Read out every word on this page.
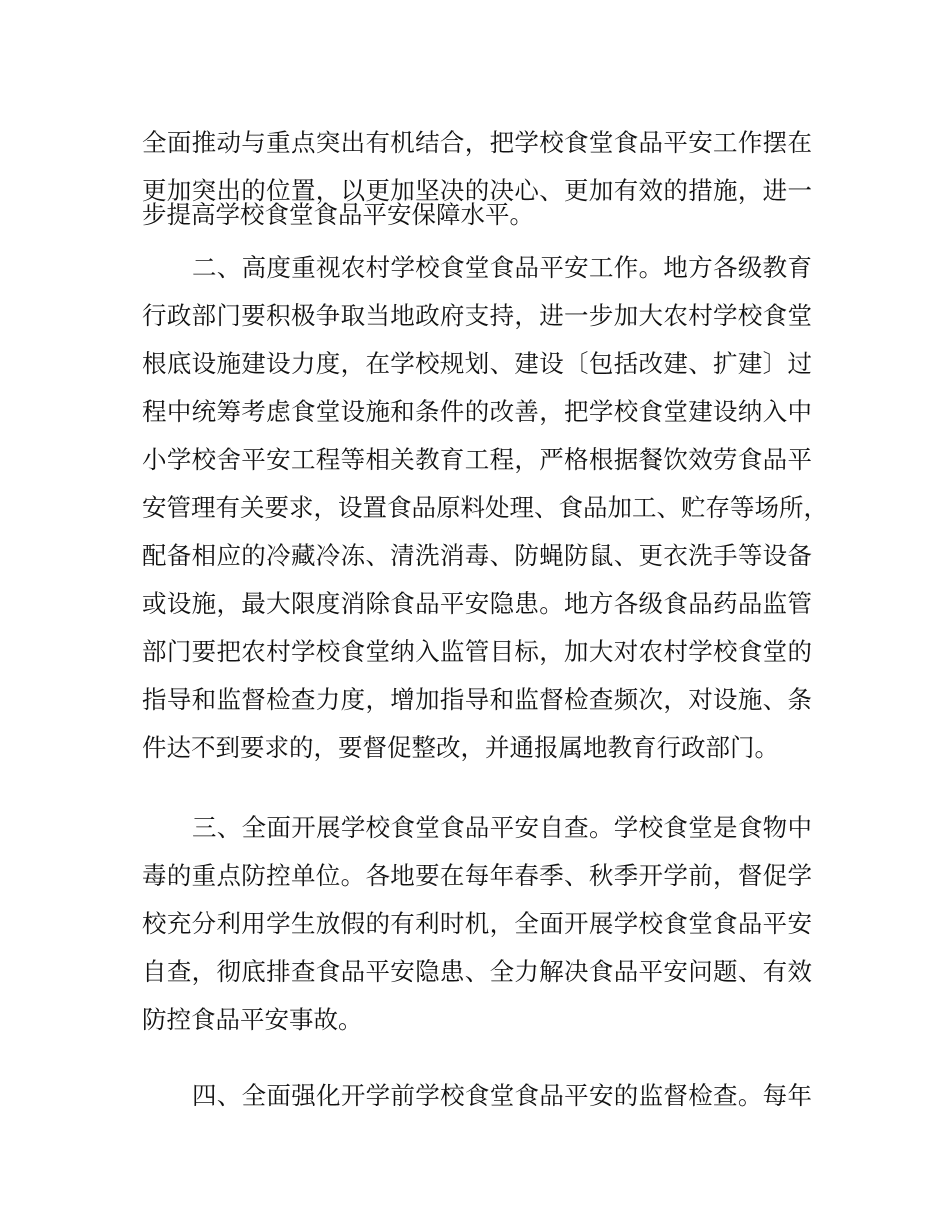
全面推动与重点突出有机结合，把学校食堂食品平安工作摆在
更加突出的位置，以更加坚决的决心、更加有效的措施，进一
步提高学校食堂食品平安保障水平。
二、高度重视农村学校食堂食品平安工作。地方各级教育
行政部门要积极争取当地政府支持，进一步加大农村学校食堂
根底设施建设力度，在学校规划、建设〔包括改建、扩建〕过
程中统筹考虑食堂设施和条件的改善，把学校食堂建设纳入中
小学校舍平安工程等相关教育工程，严格根据餐饮效劳食品平
安管理有关要求，设置食品原料处理、食品加工、贮存等场所，
配备相应的冷藏冷冻、清洗消毒、防蝇防鼠、更衣洗手等设备
或设施，最大限度消除食品平安隐患。地方各级食品药品监管
部门要把农村学校食堂纳入监管目标，加大对农村学校食堂的
指导和监督检查力度，增加指导和监督检查频次，对设施、条
件达不到要求的，要督促整改，并通报属地教育行政部门。
三、全面开展学校食堂食品平安自查。学校食堂是食物中
毒的重点防控单位。各地要在每年春季、秋季开学前，督促学
校充分利用学生放假的有利时机，全面开展学校食堂食品平安
自查，彻底排查食品平安隐患、全力解决食品平安问题、有效
防控食品平安事故。
四、全面强化开学前学校食堂食品平安的监督检查。每年
